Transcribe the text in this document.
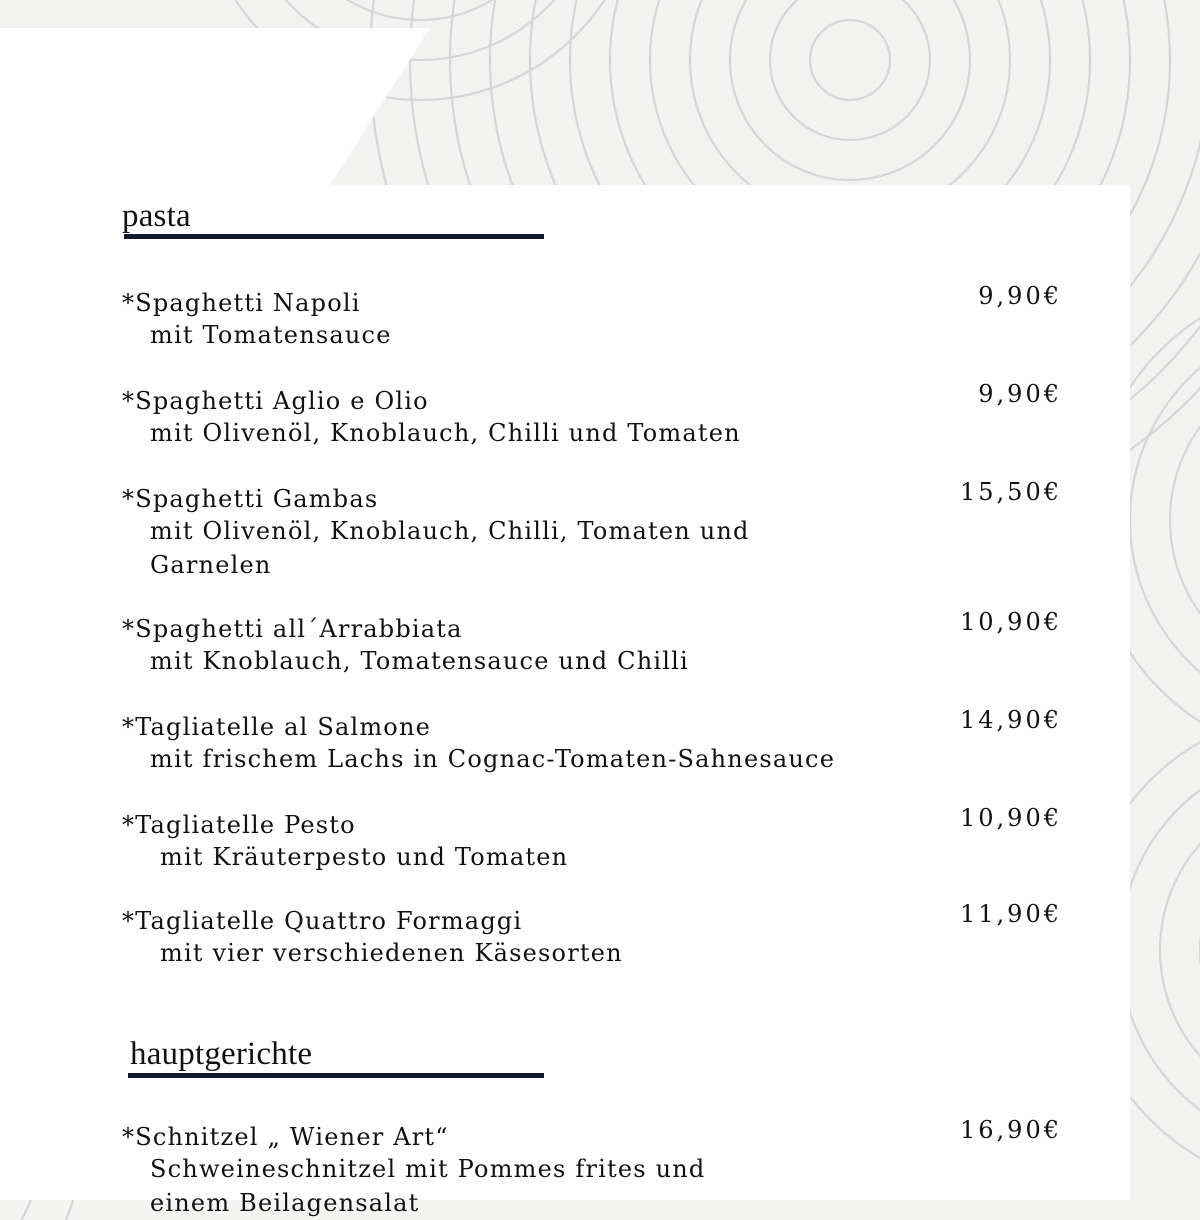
pasta
*Spaghetti Napoli
mit Tomatensauce
9,90€
*Spaghetti Aglio e Olio
mit Olivenöl, Knoblauch, Chilli und Tomaten
9,90€
*Spaghetti Gambas
mit Olivenöl, Knoblauch, Chilli, Tomaten und Garnelen
15,50€
*Spaghetti all´Arrabbiata
mit Knoblauch, Tomatensauce und Chilli
10,90€
*Tagliatelle al Salmone
mit frischem Lachs in Cognac-Tomaten-Sahnesauce
14,90€
*Tagliatelle Pesto
mit Kräuterpesto und Tomaten
10,90€
*Tagliatelle Quattro Formaggi
mit vier verschiedenen Käsesorten
11,90€
hauptgerichte
*Schnitzel „ Wiener Art“
Schweineschnitzel mit Pommes frites und einem Beilagensalat
16,90€
